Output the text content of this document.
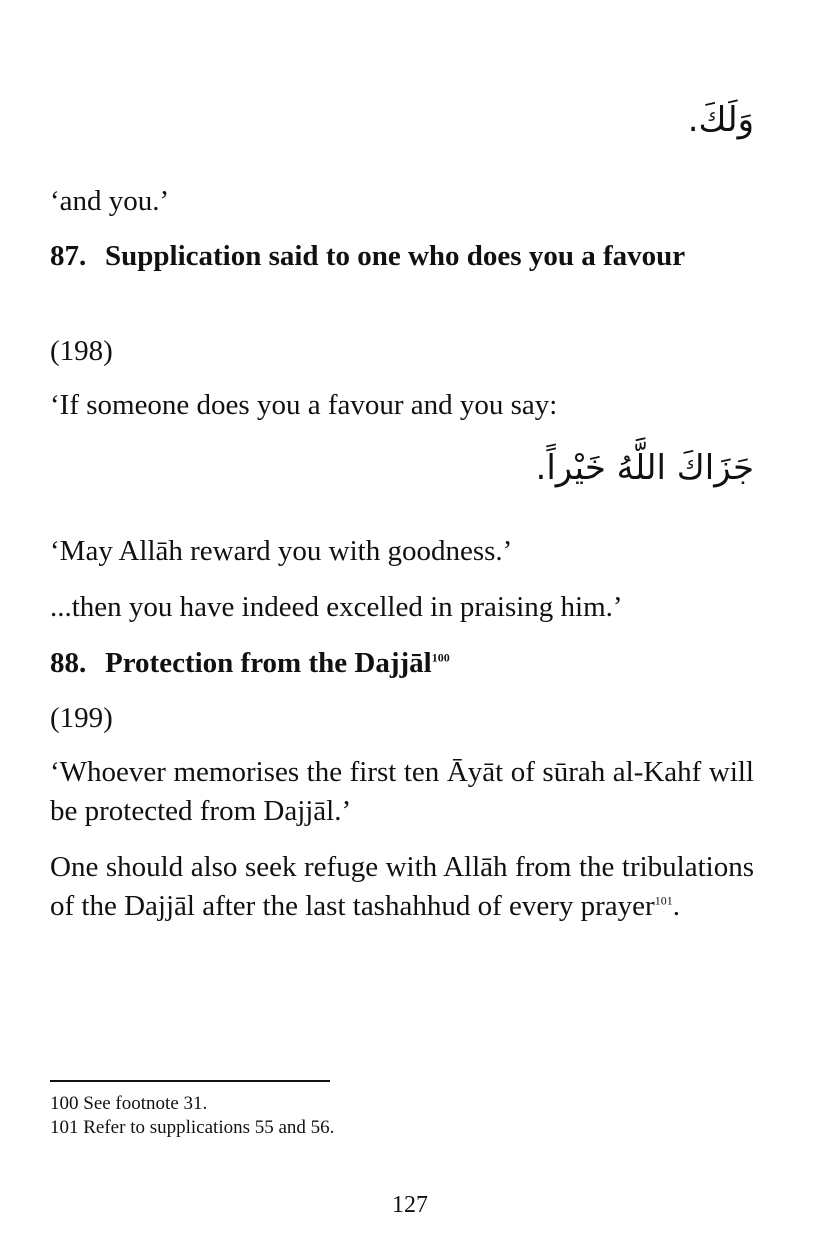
وَلَكَ.

‘and you.’

87. Supplication said to one who does you a favour

(198)

‘If someone does you a favour and you say:

جَزَاكَ اللَّهُ خَيْراً.

‘May Allāh reward you with goodness.’

...then you have indeed excelled in praising him.’

88. Protection from the Dajjāl$^{100}$

(199)

‘Whoever memorises the first ten Āyāt of sūrah al-Kahf will be protected from Dajjāl.’

One should also seek refuge with Allāh from the tribulations of the Dajjāl after the last tashahhud of every prayer$^{101}$.

100 See footnote 31.

101 Refer to supplications 55 and 56.

127
